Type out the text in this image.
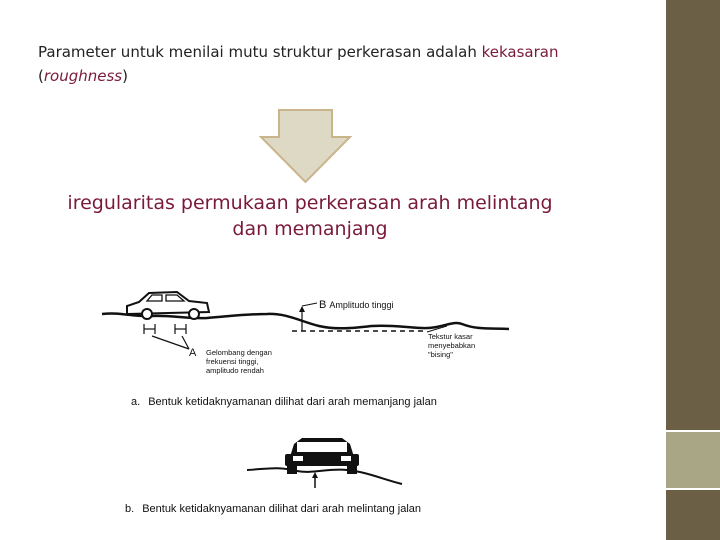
Parameter untuk menilai mutu struktur perkerasan adalah kekasaran
(roughness)
iregularitas permukaan perkerasan arah melintang
dan memanjang
B Amplitudo tinggi
A Gelombang dengan
frekuensi tinggi,
amplitudo rendah
Tekstur kasar
menyebabkan
"bising"
a. Bentuk ketidaknyamanan dilihat dari arah memanjang jalan
b. Bentuk ketidaknyamanan dilihat dari arah melintang jalan
